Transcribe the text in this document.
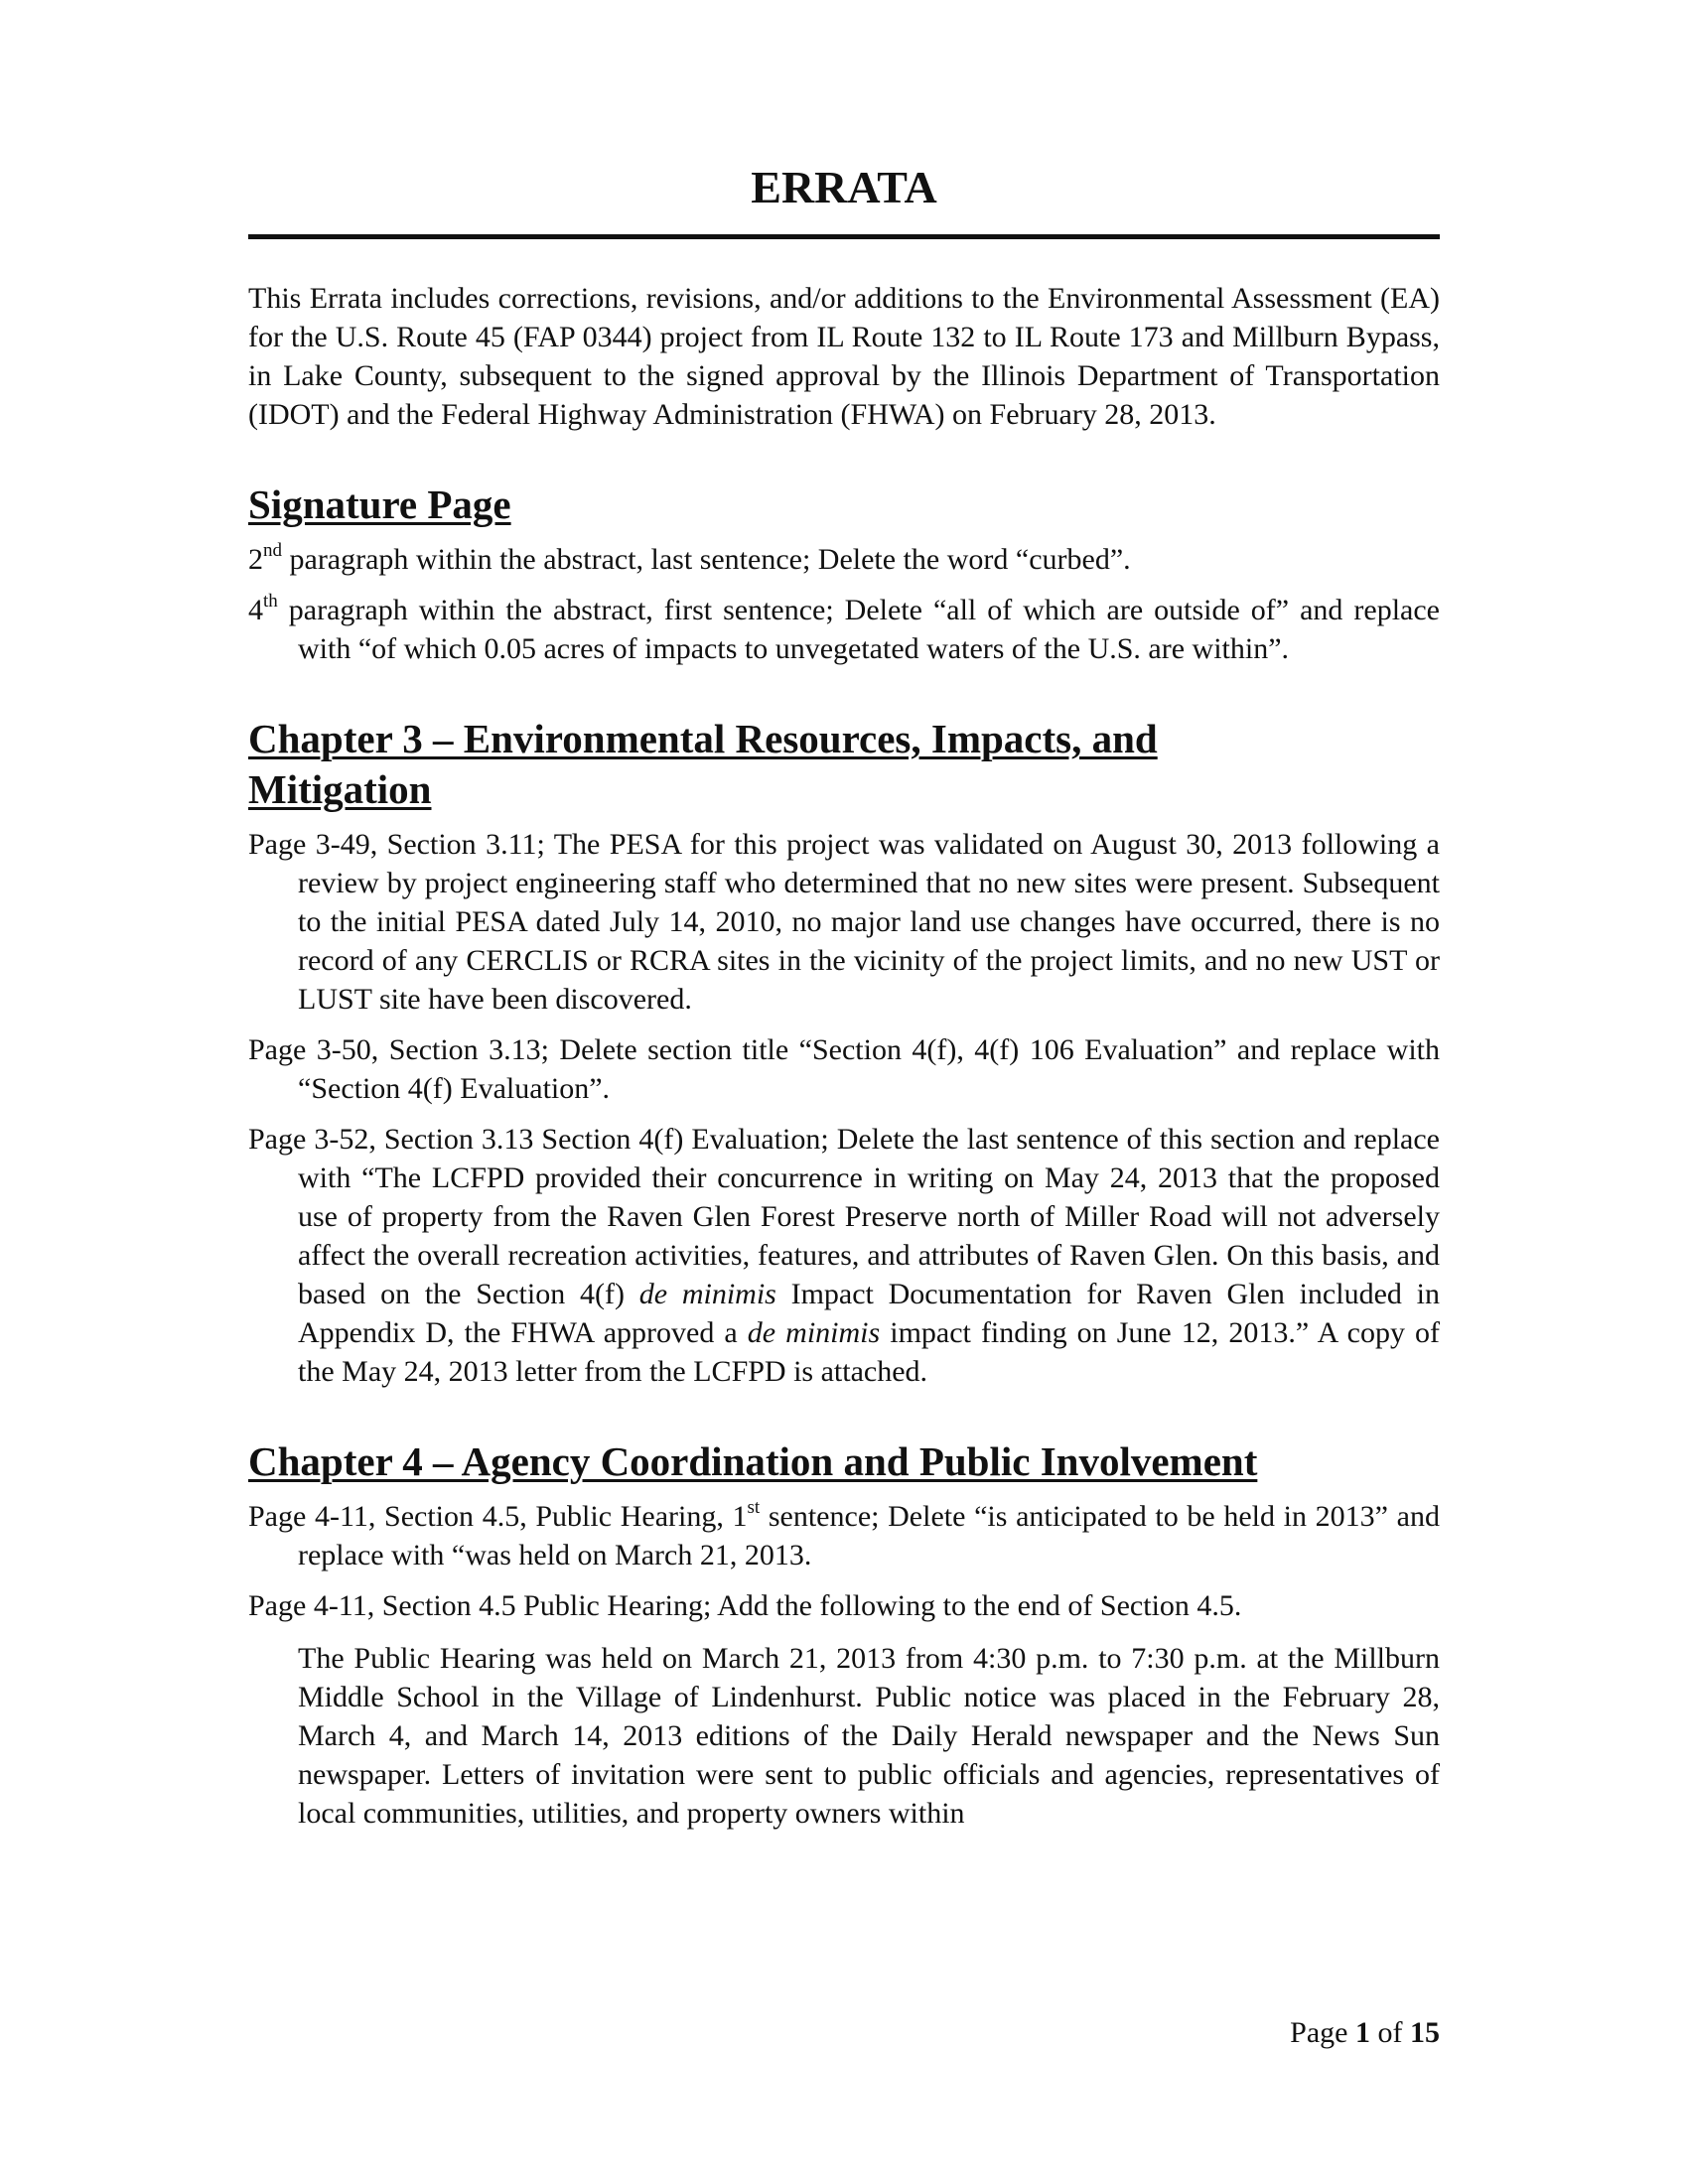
ERRATA

This Errata includes corrections, revisions, and/or additions to the Environmental Assessment (EA) for the U.S. Route 45 (FAP 0344) project from IL Route 132 to IL Route 173 and Millburn Bypass, in Lake County, subsequent to the signed approval by the Illinois Department of Transportation (IDOT) and the Federal Highway Administration (FHWA) on February 28, 2013.

Signature Page

2nd paragraph within the abstract, last sentence; Delete the word “curbed”.

4th paragraph within the abstract, first sentence; Delete “all of which are outside of” and replace with “of which 0.05 acres of impacts to unvegetated waters of the U.S. are within”.

Chapter 3 – Environmental Resources, Impacts, and Mitigation

Page 3-49, Section 3.11; The PESA for this project was validated on August 30, 2013 following a review by project engineering staff who determined that no new sites were present. Subsequent to the initial PESA dated July 14, 2010, no major land use changes have occurred, there is no record of any CERCLIS or RCRA sites in the vicinity of the project limits, and no new UST or LUST site have been discovered.

Page 3-50, Section 3.13; Delete section title “Section 4(f), 4(f) 106 Evaluation” and replace with “Section 4(f) Evaluation”.

Page 3-52, Section 3.13 Section 4(f) Evaluation; Delete the last sentence of this section and replace with “The LCFPD provided their concurrence in writing on May 24, 2013 that the proposed use of property from the Raven Glen Forest Preserve north of Miller Road will not adversely affect the overall recreation activities, features, and attributes of Raven Glen. On this basis, and based on the Section 4(f) de minimis Impact Documentation for Raven Glen included in Appendix D, the FHWA approved a de minimis impact finding on June 12, 2013.” A copy of the May 24, 2013 letter from the LCFPD is attached.

Chapter 4 – Agency Coordination and Public Involvement

Page 4-11, Section 4.5, Public Hearing, 1st sentence; Delete “is anticipated to be held in 2013” and replace with “was held on March 21, 2013.

Page 4-11, Section 4.5 Public Hearing; Add the following to the end of Section 4.5.

The Public Hearing was held on March 21, 2013 from 4:30 p.m. to 7:30 p.m. at the Millburn Middle School in the Village of Lindenhurst. Public notice was placed in the February 28, March 4, and March 14, 2013 editions of the Daily Herald newspaper and the News Sun newspaper. Letters of invitation were sent to public officials and agencies, representatives of local communities, utilities, and property owners within

Page 1 of 15
